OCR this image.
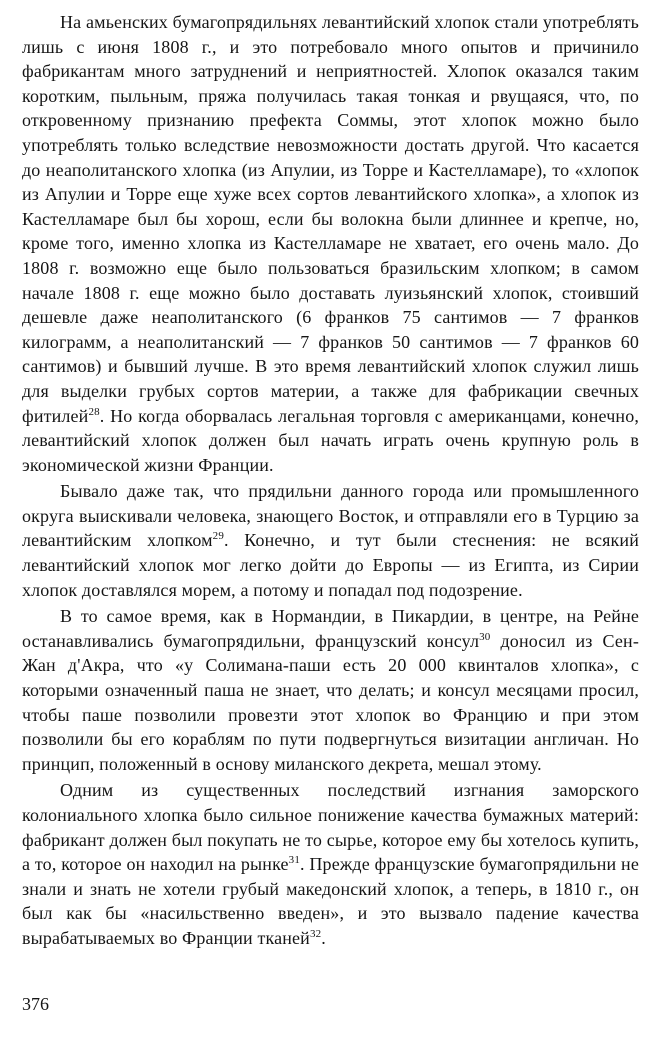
На амьенских бумагопрядильнях левантийский хлопок стали употреблять лишь с июня 1808 г., и это потребовало много опытов и причинило фабрикантам много затруднений и неприятностей. Хлопок оказался таким коротким, пыльным, пряжа получилась такая тонкая и рвущаяся, что, по откровенному признанию префекта Соммы, этот хлопок можно было употреблять только вследствие невозможности достать другой. Что касается до неаполитанского хлопка (из Апулии, из Торре и Кастелламаре), то «хлопок из Апулии и Торре еще хуже всех сортов левантийского хлопка», а хлопок из Кастелламаре был бы хорош, если бы волокна были длиннее и крепче, но, кроме того, именно хлопка из Кастелламаре не хватает, его очень мало. До 1808 г. возможно еще было пользоваться бразильским хлопком; в самом начале 1808 г. еще можно было доставать луизьянский хлопок, стоивший дешевле даже неаполитанского (6 франков 75 сантимов — 7 франков килограмм, а неаполитанский — 7 франков 50 сантимов — 7 франков 60 сантимов) и бывший лучше. В это время левантийский хлопок служил лишь для выделки грубых сортов материи, а также для фабрикации свечных фитилей$^{28}$. Но когда оборвалась легальная торговля с американцами, конечно, левантийский хлопок должен был начать играть очень крупную роль в экономической жизни Франции.

Бывало даже так, что прядильни данного города или промышленного округа выискивали человека, знающего Восток, и отправляли его в Турцию за левантийским хлопком$^{29}$. Конечно, и тут были стеснения: не всякий левантийский хлопок мог легко дойти до Европы — из Египта, из Сирии хлопок доставлялся морем, а потому и попадал под подозрение.

В то самое время, как в Нормандии, в Пикардии, в центре, на Рейне останавливались бумагопрядильни, французский консул$^{30}$ доносил из Сен-Жан д'Акра, что «у Солимана-паши есть 20 000 квинталов хлопка», с которыми означенный паша не знает, что делать; и консул месяцами просил, чтобы паше позволили провезти этот хлопок во Францию и при этом позволили бы его кораблям по пути подвергнуться визитации англичан. Но принцип, положенный в основу миланского декрета, мешал этому.

Одним из существенных последствий изгнания заморского колониального хлопка было сильное понижение качества бумажных материй: фабрикант должен был покупать не то сырье, которое ему бы хотелось купить, а то, которое он находил на рынке$^{31}$. Прежде французские бумагопрядильни не знали и знать не хотели грубый македонский хлопок, а теперь, в 1810 г., он был как бы «насильственно введен», и это вызвало падение качества вырабатываемых во Франции тканей$^{32}$.

376
